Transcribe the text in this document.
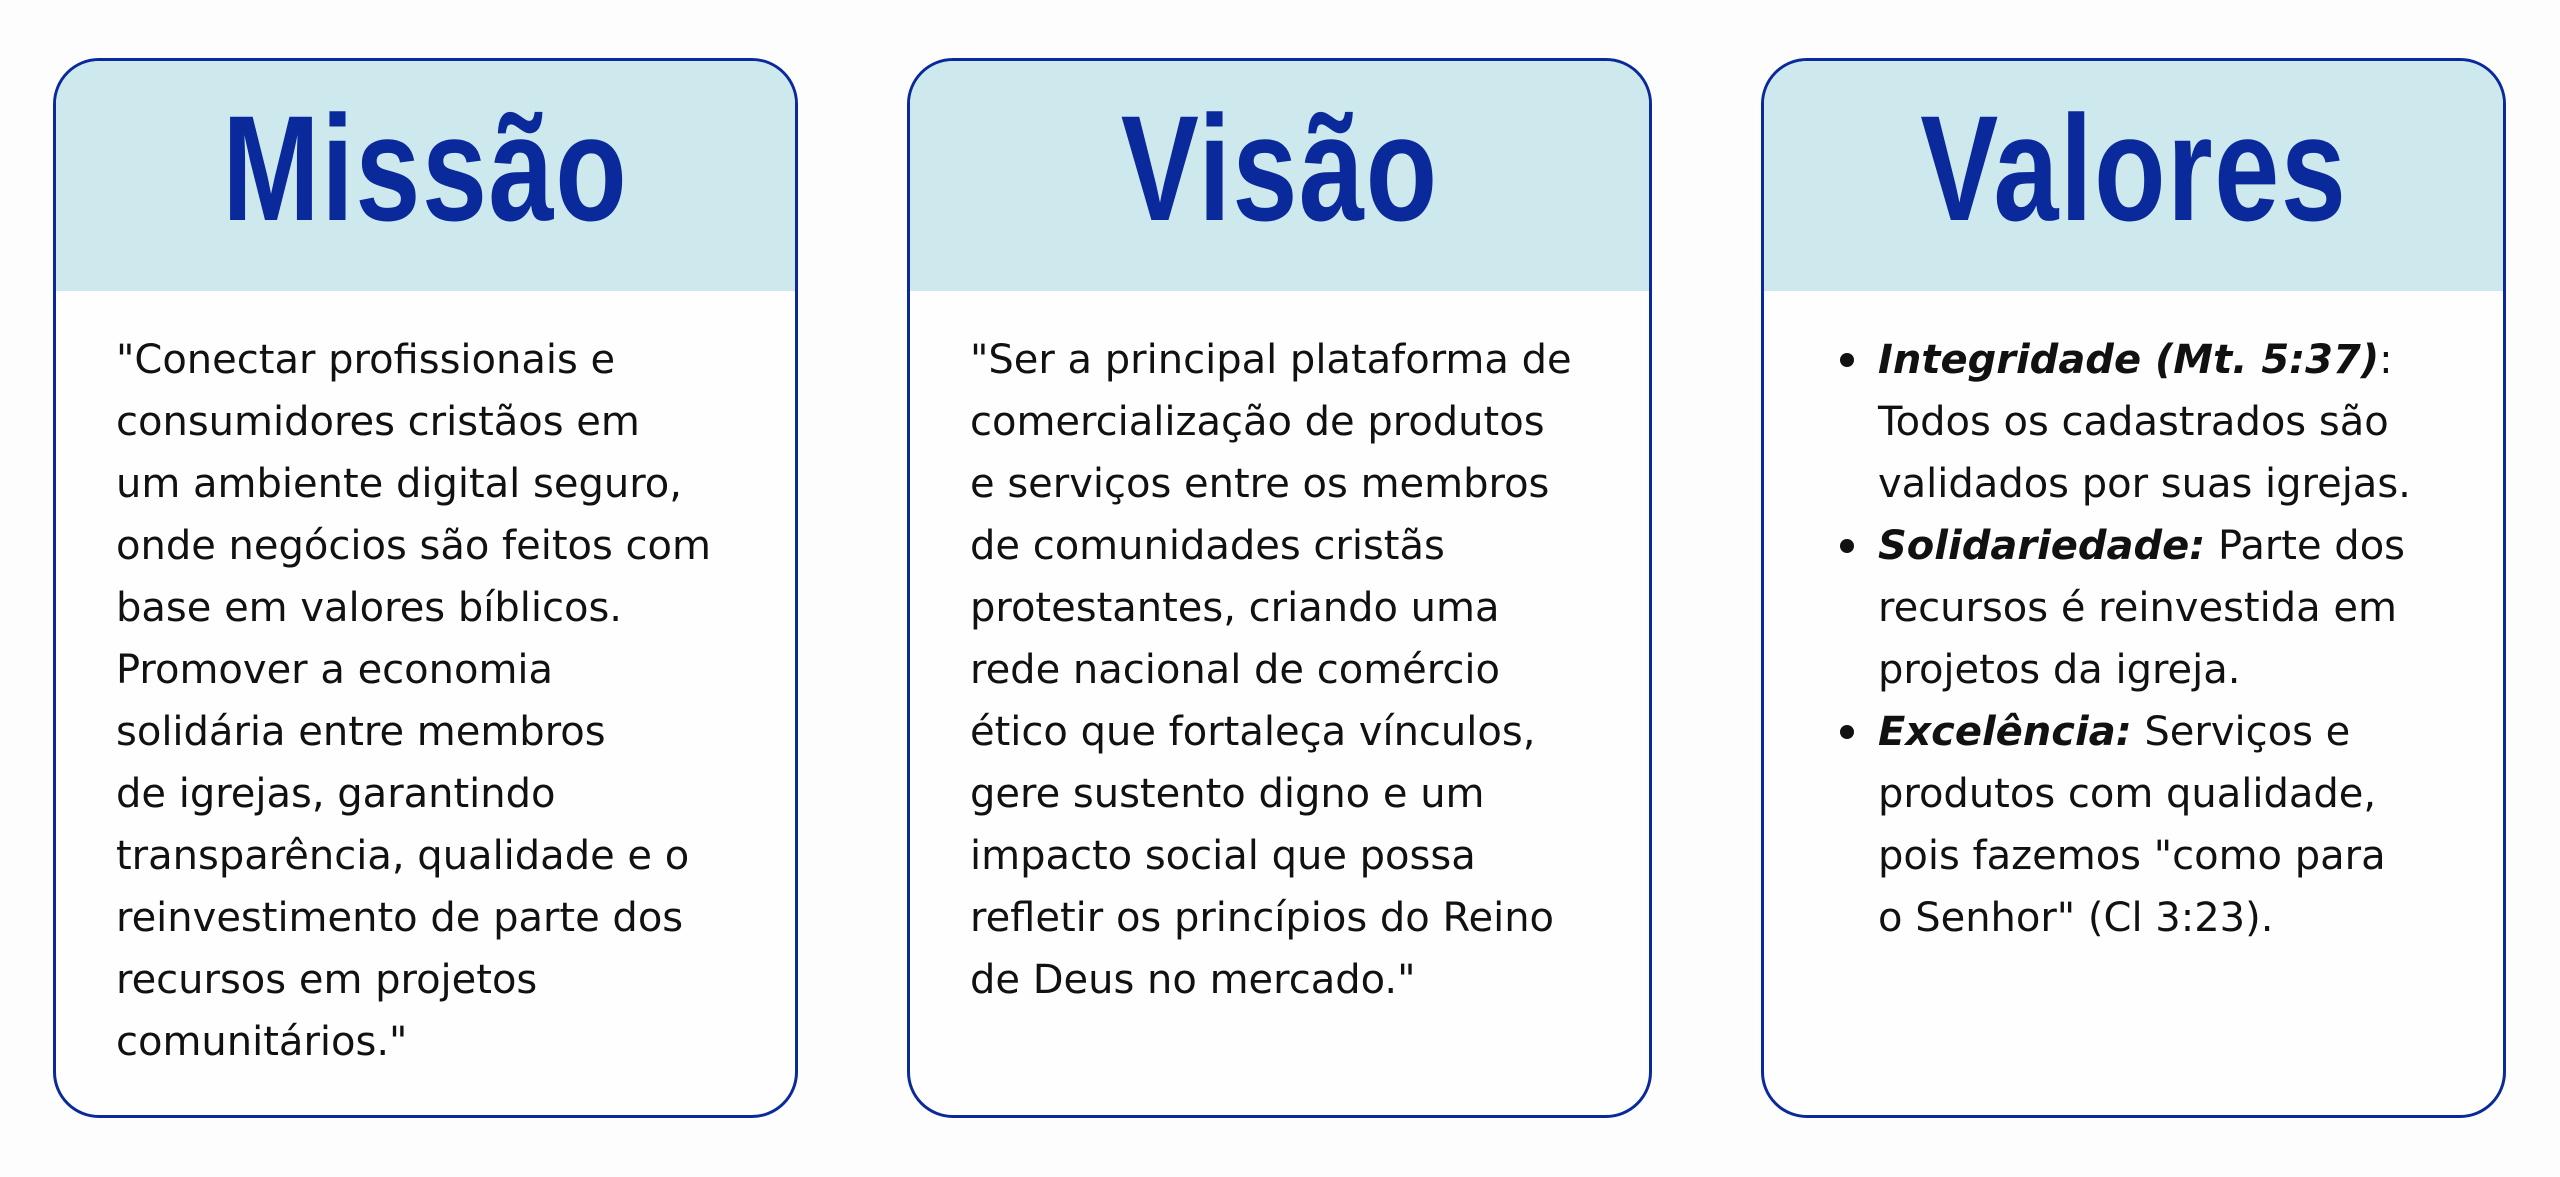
Missão

"Conectar profissionais e
consumidores cristãos em
um ambiente digital seguro,
onde negócios são feitos com
base em valores bíblicos.
Promover a economia
solidária entre membros
de igrejas, garantindo
transparência, qualidade e o
reinvestimento de parte dos
recursos em projetos
comunitários."

Visão

"Ser a principal plataforma de
comercialização de produtos
e serviços entre os membros
de comunidades cristãs
protestantes, criando uma
rede nacional de comércio
ético que fortaleça vínculos,
gere sustento digno e um
impacto social que possa
refletir os princípios do Reino
de Deus no mercado."

Valores
Integridade (Mt. 5:37):
Todos os cadastrados são
validados por suas igrejas.
Solidariedade: Parte dos
recursos é reinvestida em
projetos da igreja.
Excelência: Serviços e
produtos com qualidade,
pois fazemos "como para
o Senhor" (Cl 3:23).
